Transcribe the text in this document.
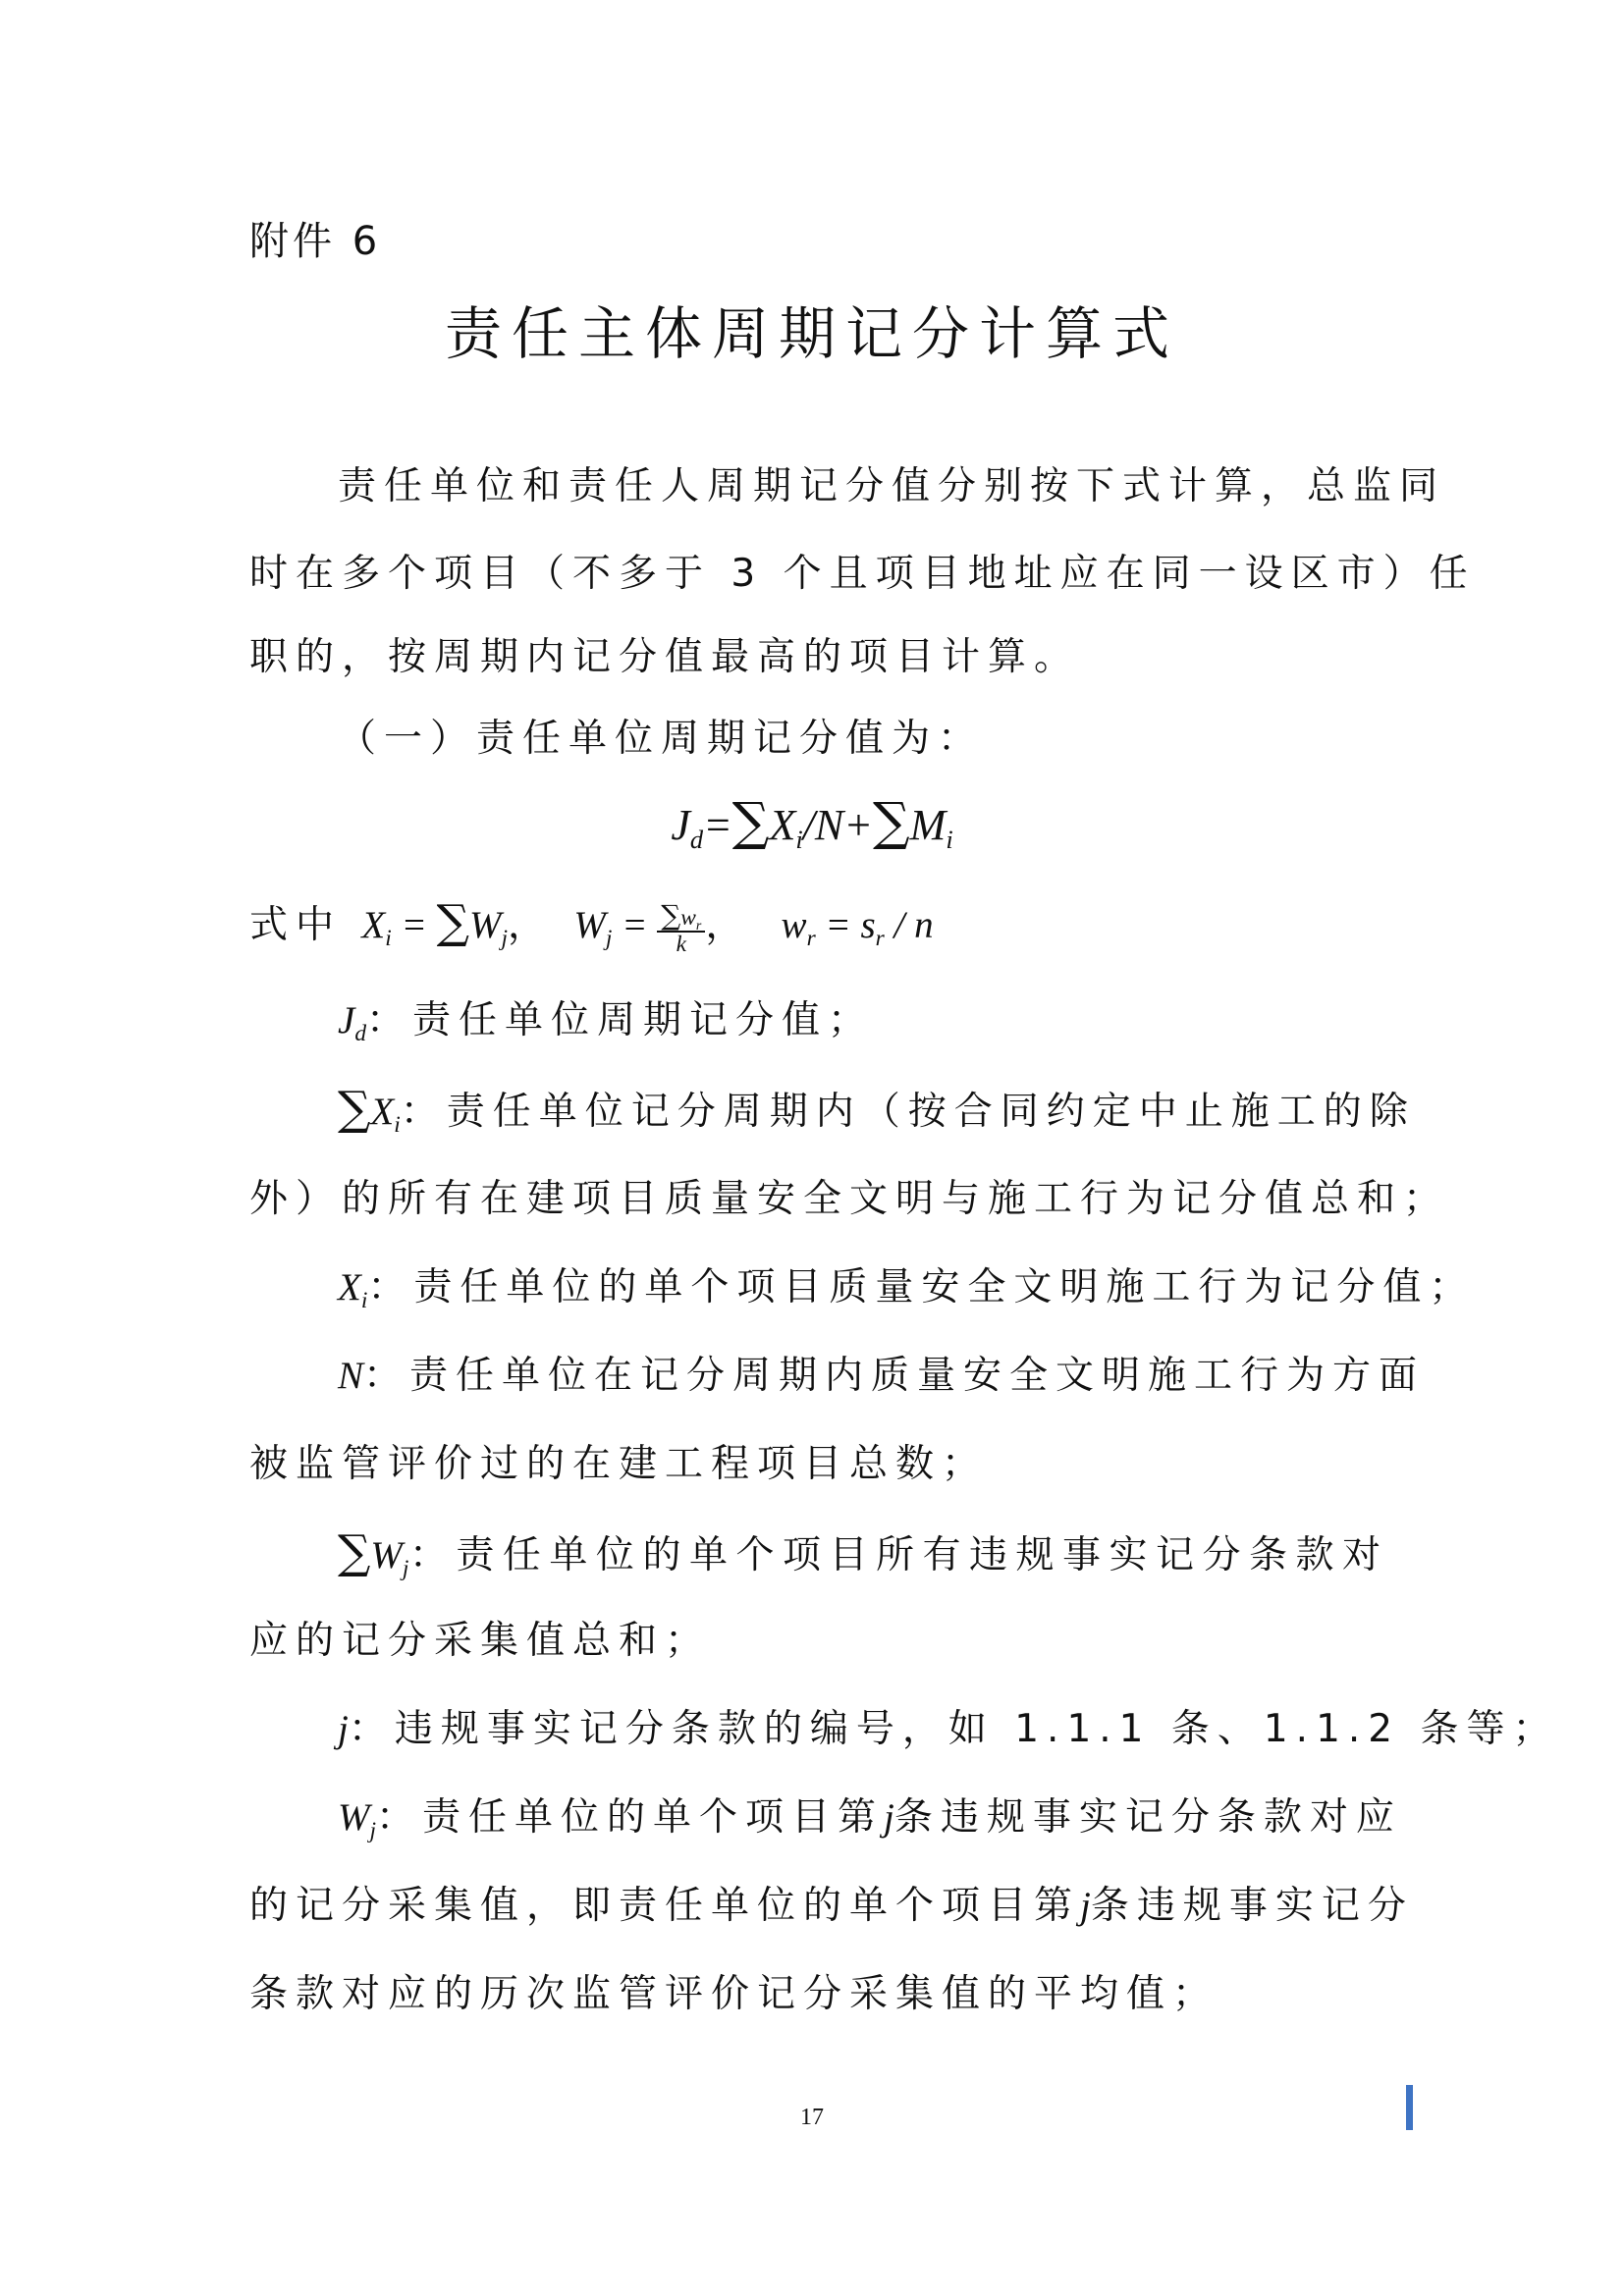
附件 6
责任主体周期记分计算式
责任单位和责任人周期记分值分别按下式计算，总监同
时在多个项目（不多于 3 个且项目地址应在同一设区市）任
职的，按周期内记分值最高的项目计算。
（一）责任单位周期记分值为：
$J_d=\sum X_i/N+\sum M_i$
式中 $X_i = \sum W_j$， $W_j = \frac{\sum w_r}{k}$ ，  $w_r = s_r / n$
$J_d$：责任单位周期记分值；
$\sum X_i$：责任单位记分周期内（按合同约定中止施工的除
外）的所有在建项目质量安全文明与施工行为记分值总和；
$X_i$：责任单位的单个项目质量安全文明施工行为记分值；
N：责任单位在记分周期内质量安全文明施工行为方面
被监管评价过的在建工程项目总数；
$\sum W_j$：责任单位的单个项目所有违规事实记分条款对
应的记分采集值总和；
j：违规事实记分条款的编号，如 1.1.1 条、1.1.2 条等；
$W_j$：责任单位的单个项目第j条违规事实记分条款对应
的记分采集值，即责任单位的单个项目第j条违规事实记分
条款对应的历次监管评价记分采集值的平均值；
17
